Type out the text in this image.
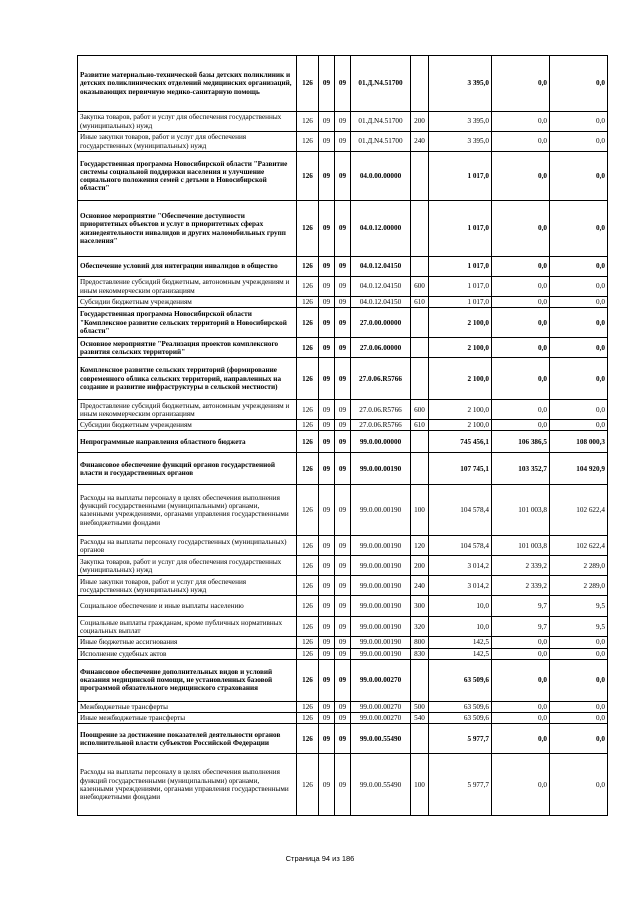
Развитие материально-технической базы детских поликлиник и детских поликлинических отделений медицинских организаций, оказывающих первичную медико-санитарную помощь	126	09	09	01.Д.N4.51700		3 395,0	0,0	0,0
Закупка товаров, работ и услуг для обеспечения государственных (муниципальных) нужд	126	09	09	01.Д.N4.51700	200	3 395,0	0,0	0,0
Иные закупки товаров, работ и услуг для обеспечения государственных (муниципальных) нужд	126	09	09	01.Д.N4.51700	240	3 395,0	0,0	0,0
Государственная программа Новосибирской области "Развитие системы социальной поддержки населения и улучшение социального положения семей с детьми в Новосибирской области"	126	09	09	04.0.00.00000		1 017,0	0,0	0,0
Основное мероприятие "Обеспечение доступности приоритетных объектов и услуг в приоритетных сферах жизнедеятельности инвалидов и других маломобильных групп населения"	126	09	09	04.0.12.00000		1 017,0	0,0	0,0
Обеспечение условий для интеграции инвалидов в общество	126	09	09	04.0.12.04150		1 017,0	0,0	0,0
Предоставление субсидий бюджетным, автономным учреждениям и иным некоммерческим организациям	126	09	09	04.0.12.04150	600	1 017,0	0,0	0,0
Субсидии бюджетным учреждениям	126	09	09	04.0.12.04150	610	1 017,0	0,0	0,0
Государственная программа Новосибирской области "Комплексное развитие сельских территорий в Новосибирской области"	126	09	09	27.0.00.00000		2 100,0	0,0	0,0
Основное мероприятие "Реализация проектов комплексного развития сельских территорий"	126	09	09	27.0.06.00000		2 100,0	0,0	0,0
Комплексное развитие сельских территорий (формирование современного облика сельских территорий, направленных на создание и развитие инфраструктуры в сельской местности)	126	09	09	27.0.06.R5766		2 100,0	0,0	0,0
Предоставление субсидий бюджетным, автономным учреждениям и иным некоммерческим организациям	126	09	09	27.0.06.R5766	600	2 100,0	0,0	0,0
Субсидии бюджетным учреждениям	126	09	09	27.0.06.R5766	610	2 100,0	0,0	0,0
Непрограммные направления областного бюджета	126	09	09	99.0.00.00000		745 456,1	106 386,5	108 000,3
Финансовое обеспечение функций органов государственной власти и государственных органов	126	09	09	99.0.00.00190		107 745,1	103 352,7	104 920,9
Расходы на выплаты персоналу в целях обеспечения выполнения функций государственными (муниципальными) органами, казенными учреждениями, органами управления государственными внебюджетными фондами	126	09	09	99.0.00.00190	100	104 578,4	101 003,8	102 622,4
Расходы на выплаты персоналу государственных (муниципальных) органов	126	09	09	99.0.00.00190	120	104 578,4	101 003,8	102 622,4
Закупка товаров, работ и услуг для обеспечения государственных (муниципальных) нужд	126	09	09	99.0.00.00190	200	3 014,2	2 339,2	2 289,0
Иные закупки товаров, работ и услуг для обеспечения государственных (муниципальных) нужд	126	09	09	99.0.00.00190	240	3 014,2	2 339,2	2 289,0
Социальное обеспечение и иные выплаты населению	126	09	09	99.0.00.00190	300	10,0	9,7	9,5
Социальные выплаты гражданам, кроме публичных нормативных социальных выплат	126	09	09	99.0.00.00190	320	10,0	9,7	9,5
Иные бюджетные ассигнования	126	09	09	99.0.00.00190	800	142,5	0,0	0,0
Исполнение судебных актов	126	09	09	99.0.00.00190	830	142,5	0,0	0,0
Финансовое обеспечение дополнительных видов и условий оказания медицинской помощи, не установленных базовой программой обязательного медицинского страхования	126	09	09	99.0.00.00270		63 509,6	0,0	0,0
Межбюджетные трансферты	126	09	09	99.0.00.00270	500	63 509,6	0,0	0,0
Иные межбюджетные трансферты	126	09	09	99.0.00.00270	540	63 509,6	0,0	0,0
Поощрение за достижение показателей деятельности органов исполнительной власти субъектов Российской Федерации	126	09	09	99.0.00.55490		5 977,7	0,0	0,0
Расходы на выплаты персоналу в целях обеспечения выполнения функций государственными (муниципальными) органами, казенными учреждениями, органами управления государственными внебюджетными фондами	126	09	09	99.0.00.55490	100	5 977,7	0,0	0,0
Страница 94 из 186
